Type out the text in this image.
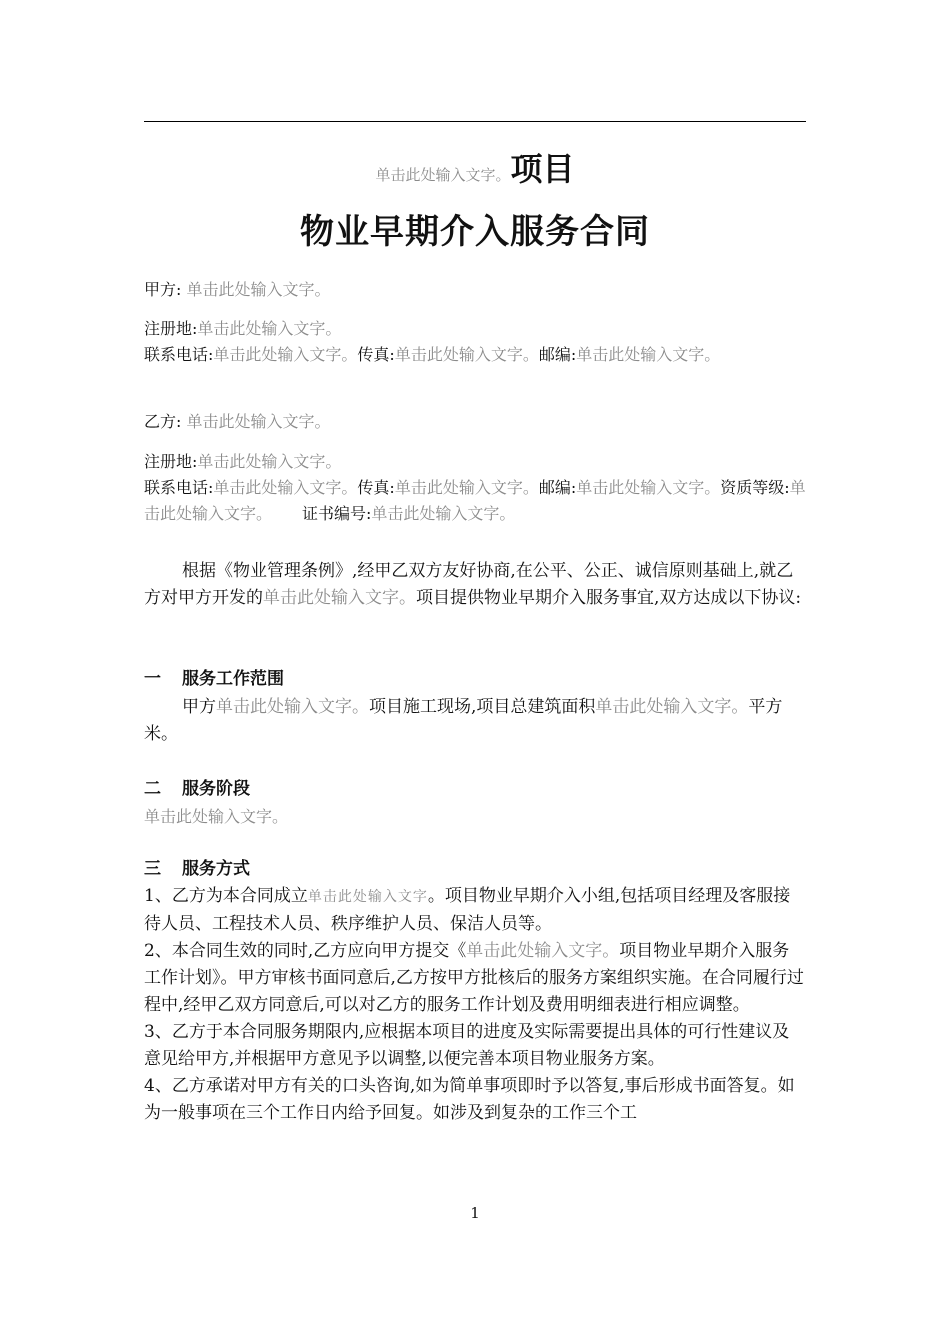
单击此处输入文字。项目
物业早期介入服务合同
甲方: 单击此处输入文字。
注册地:单击此处输入文字。
联系电话:单击此处输入文字。传真:单击此处输入文字。邮编:单击此处输入文字。
乙方: 单击此处输入文字。
注册地:单击此处输入文字。
联系电话:单击此处输入文字。传真:单击此处输入文字。邮编:单击此处输入文字。资质等级:单击此处输入文字。 证书编号:单击此处输入文字。
根据《物业管理条例》,经甲乙双方友好协商,在公平、公正、诚信原则基础上,就乙方对甲方开发的单击此处输入文字。项目提供物业早期介入服务事宜,双方达成以下协议:
一 服务工作范围
甲方单击此处输入文字。项目施工现场,项目总建筑面积单击此处输入文字。平方米。
二 服务阶段
单击此处输入文字。
三 服务方式
1、乙方为本合同成立单击此处输入文字。项目物业早期介入小组,包括项目经理及客服接待人员、工程技术人员、秩序维护人员、保洁人员等。
2、本合同生效的同时,乙方应向甲方提交《单击此处输入文字。项目物业早期介入服务工作计划》。甲方审核书面同意后,乙方按甲方批核后的服务方案组织实施。在合同履行过程中,经甲乙双方同意后,可以对乙方的服务工作计划及费用明细表进行相应调整。
3、乙方于本合同服务期限内,应根据本项目的进度及实际需要提出具体的可行性建议及意见给甲方,并根据甲方意见予以调整,以便完善本项目物业服务方案。
4、乙方承诺对甲方有关的口头咨询,如为简单事项即时予以答复,事后形成书面答复。如为一般事项在三个工作日内给予回复。如涉及到复杂的工作三个工
1
